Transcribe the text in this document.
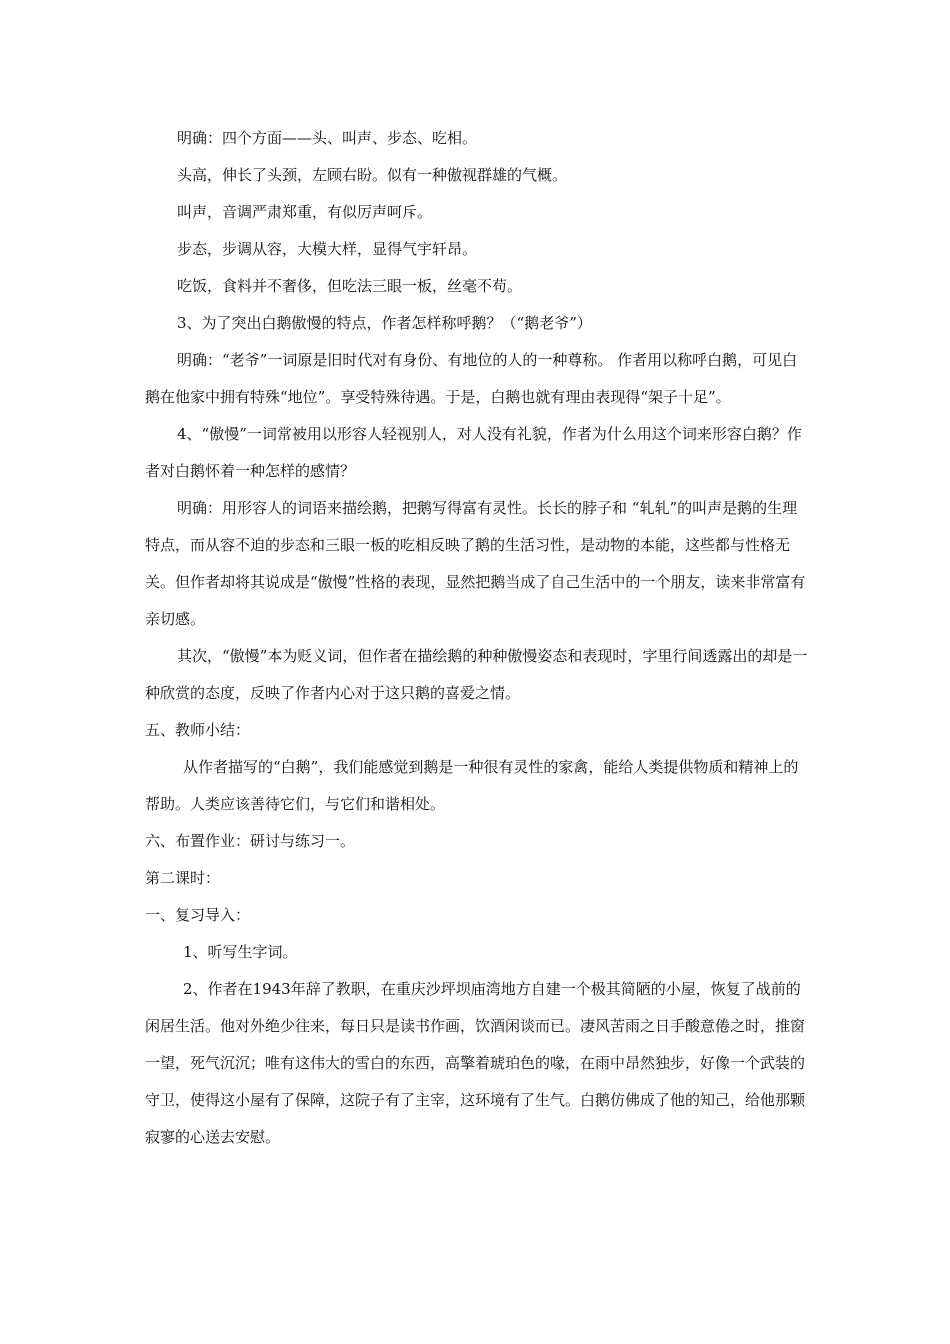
明确：四个方面——头、叫声、步态、吃相。

头高，伸长了头颈，左顾右盼。似有一种傲视群雄的气概。

叫声，音调严肃郑重，有似厉声呵斥。

步态，步调从容，大模大样，显得气宇轩昂。

吃饭，食料并不奢侈，但吃法三眼一板，丝毫不苟。

3、为了突出白鹅傲慢的特点，作者怎样称呼鹅？（“鹅老爷”）

明确：“老爷”一词原是旧时代对有身份、有地位的人的一种尊称。 作者用以称呼白鹅，可见白鹅在他家中拥有特殊“地位”。享受特殊待遇。于是，白鹅也就有理由表现得“架子十足”。

4、“傲慢”一词常被用以形容人轻视别人，对人没有礼貌，作者为什么用这个词来形容白鹅？作者对白鹅怀着一种怎样的感情？

明确：用形容人的词语来描绘鹅，把鹅写得富有灵性。长长的脖子和 “轧轧”的叫声是鹅的生理特点，而从容不迫的步态和三眼一板的吃相反映了鹅的生活习性，是动物的本能，这些都与性格无关。但作者却将其说成是“傲慢”性格的表现，显然把鹅当成了自己生活中的一个朋友，读来非常富有亲切感。

其次，“傲慢”本为贬义词，但作者在描绘鹅的种种傲慢姿态和表现时，字里行间透露出的却是一种欣赏的态度，反映了作者内心对于这只鹅的喜爱之情。

五、教师小结：

从作者描写的“白鹅”，我们能感觉到鹅是一种很有灵性的家禽，能给人类提供物质和精神上的帮助。人类应该善待它们，与它们和谐相处。

六、布置作业：研讨与练习一。

第二课时：

一、复习导入：

1、听写生字词。

2、作者在1943年辞了教职，在重庆沙坪坝庙湾地方自建一个极其简陋的小屋，恢复了战前的闲居生活。他对外绝少往来，每日只是读书作画，饮酒闲谈而已。凄风苦雨之日手酸意倦之时，推窗一望，死气沉沉；唯有这伟大的雪白的东西，高擎着琥珀色的喙，在雨中昂然独步，好像一个武装的守卫，使得这小屋有了保障，这院子有了主宰，这环境有了生气。白鹅仿佛成了他的知己，给他那颗寂寥的心送去安慰。
